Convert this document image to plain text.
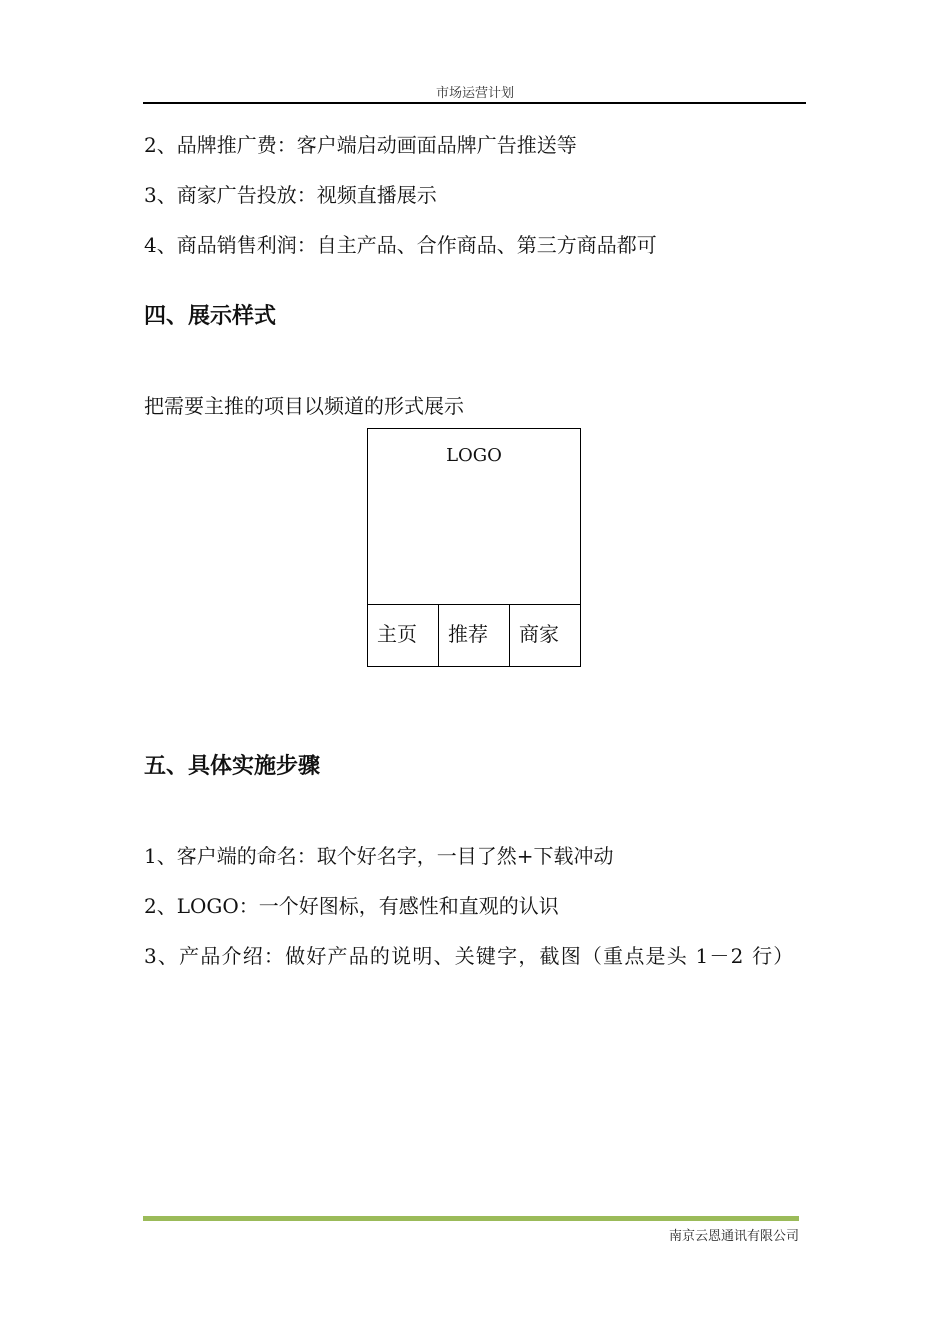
市场运营计划
2、品牌推广费：客户端启动画面品牌广告推送等
3、商家广告投放：视频直播展示
4、商品销售利润：自主产品、合作商品、第三方商品都可
四、展示样式
把需要主推的项目以频道的形式展示
LOGO
主页	推荐	商家
五、具体实施步骤
1、客户端的命名：取个好名字，一目了然+下载冲动
2、LOGO：一个好图标，有感性和直观的认识
3、产品介绍：做好产品的说明、关键字，截图（重点是头 1－2 行）
南京云恩通讯有限公司
